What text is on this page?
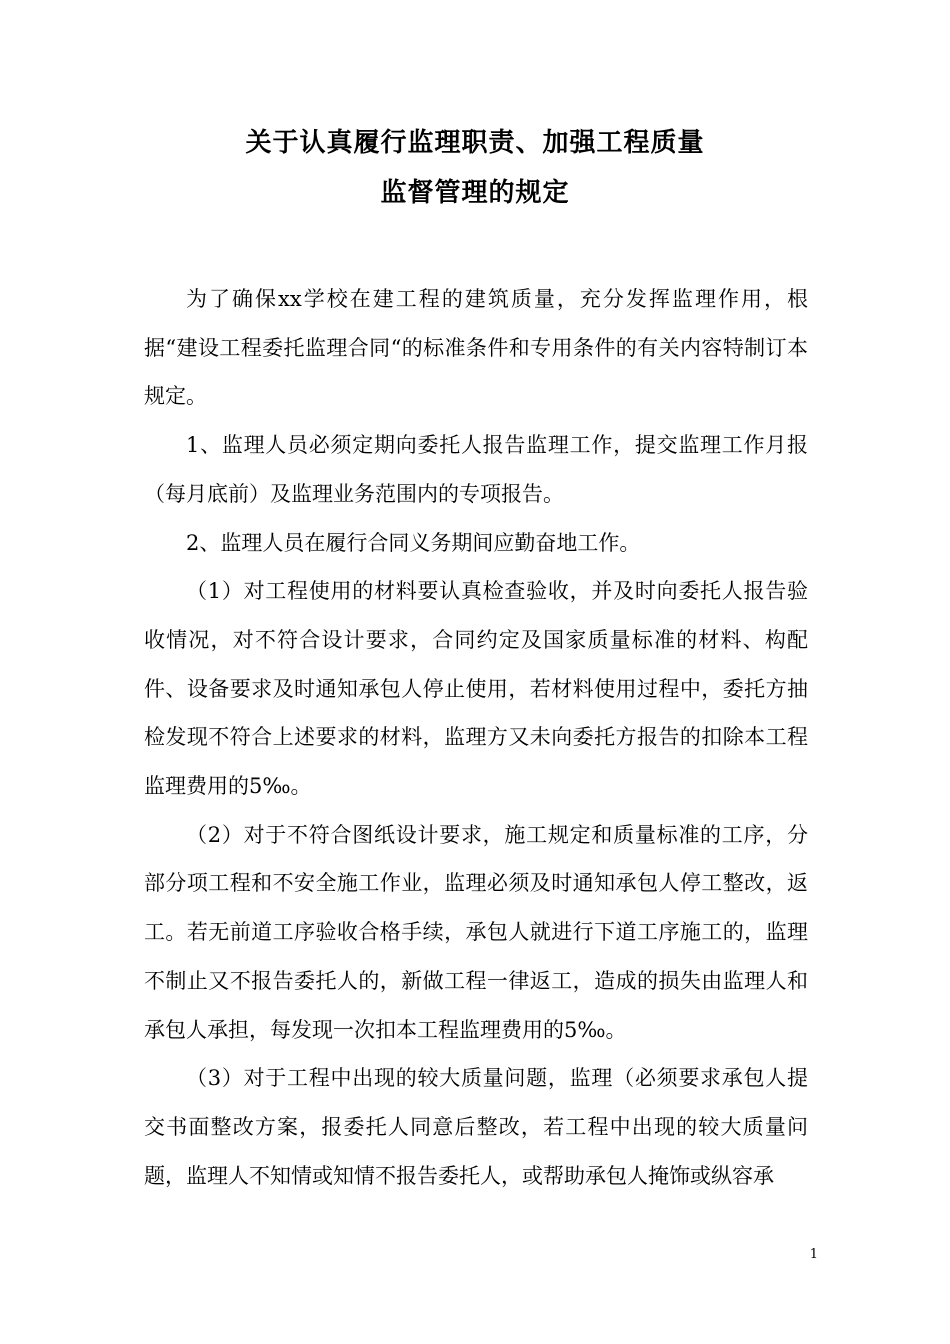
关于认真履行监理职责、加强工程质量
监督管理的规定

为了确保xx学校在建工程的建筑质量，充分发挥监理作用，根据“建设工程委托监理合同“的标准条件和专用条件的有关内容特制订本规定。

1、监理人员必须定期向委托人报告监理工作，提交监理工作月报（每月底前）及监理业务范围内的专项报告。

2、监理人员在履行合同义务期间应勤奋地工作。

（1）对工程使用的材料要认真检查验收，并及时向委托人报告验收情况，对不符合设计要求，合同约定及国家质量标准的材料、构配件、设备要求及时通知承包人停止使用，若材料使用过程中，委托方抽检发现不符合上述要求的材料，监理方又未向委托方报告的扣除本工程监理费用的5‰。

（2）对于不符合图纸设计要求，施工规定和质量标准的工序，分部分项工程和不安全施工作业，监理必须及时通知承包人停工整改，返工。若无前道工序验收合格手续，承包人就进行下道工序施工的，监理不制止又不报告委托人的，新做工程一律返工，造成的损失由监理人和承包人承担，每发现一次扣本工程监理费用的5‰。

（3）对于工程中出现的较大质量问题，监理（必须要求承包人提交书面整改方案，报委托人同意后整改，若工程中出现的较大质量问题，监理人不知情或知情不报告委托人，或帮助承包人掩饰或纵容承

1
